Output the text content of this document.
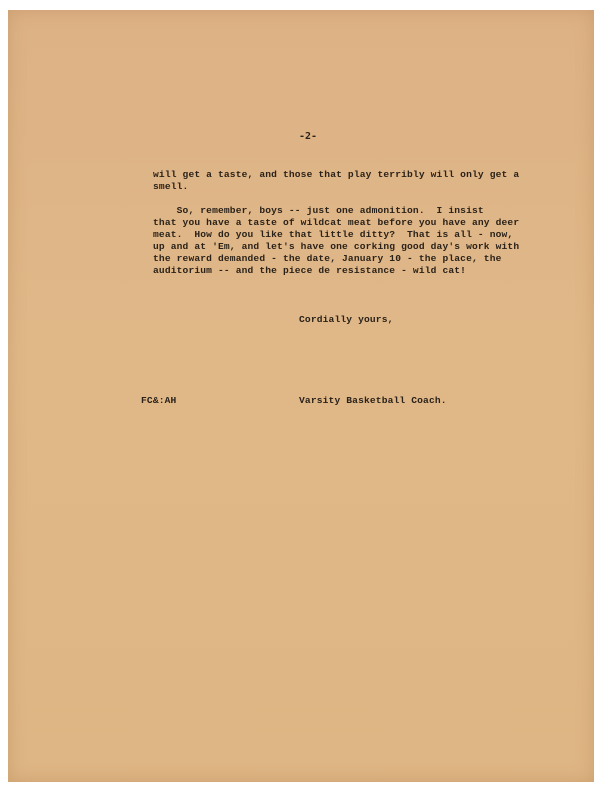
-2-
will get a taste, and those that play terribly will only get a
smell.
So, remember, boys -- just one admonition.  I insist
that you have a taste of wildcat meat before you have any deer
meat.  How do you like that little ditty?  That is all - now,
up and at 'Em, and let's have one corking good day's work with
the reward demanded - the date, January 10 - the place, the
auditorium -- and the piece de resistance - wild cat!
Cordially yours,
FC&:AH	Varsity Basketball Coach.
